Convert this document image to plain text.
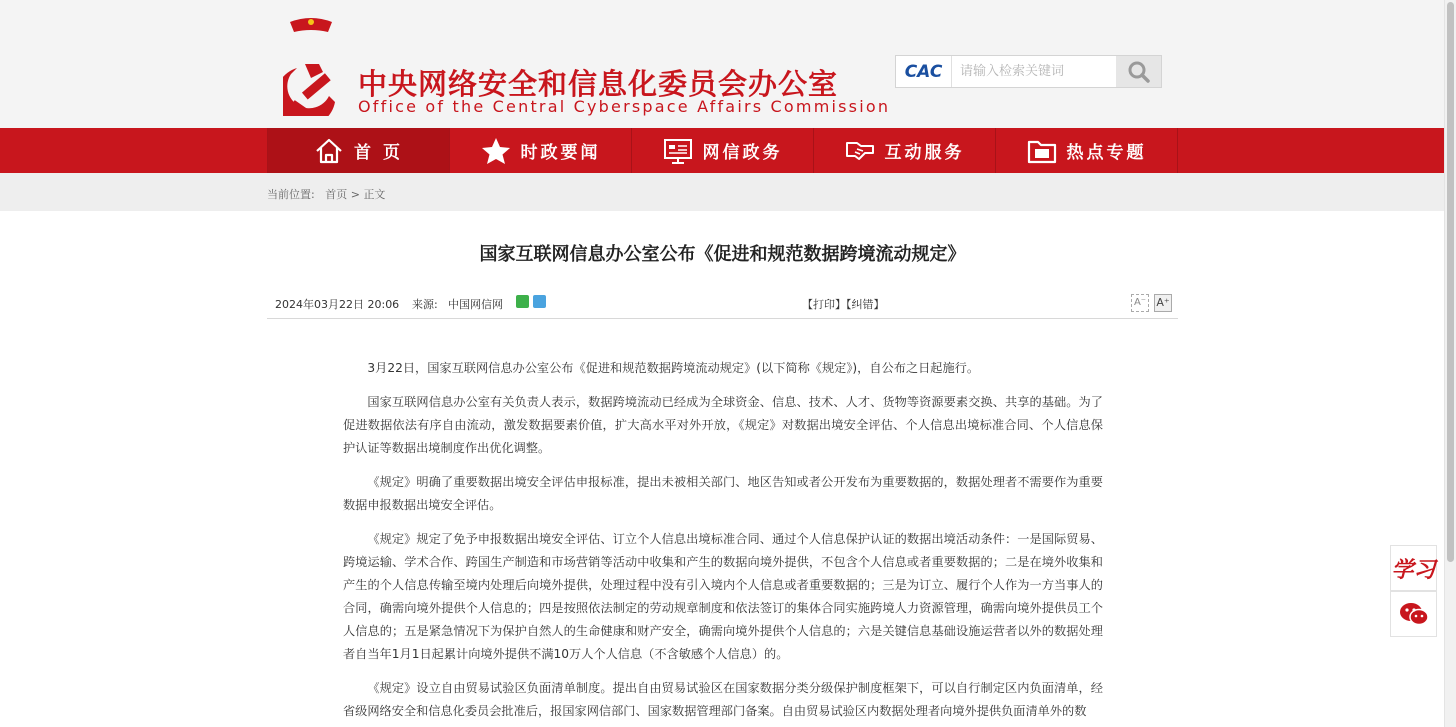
中央网络安全和信息化委员会办公室
Office of the Central Cyberspace Affairs Commission
CAC
请输入检索关键词
首 页	时政要闻	网信政务	互动服务	热点专题
当前位置: 首页 > 正文
国家互联网信息办公室公布《促进和规范数据跨境流动规定》
2024年03月22日 20:06 来源: 中国网信网	【打印】【纠错】	A⁻ A⁺

3月22日，国家互联网信息办公室公布《促进和规范数据跨境流动规定》(以下简称《规定》)，自公布之日起施行。

国家互联网信息办公室有关负责人表示，数据跨境流动已经成为全球资金、信息、技术、人才、货物等资源要素交换、共享的基础。为了促进数据依法有序自由流动，激发数据要素价值，扩大高水平对外开放，《规定》对数据出境安全评估、个人信息出境标准合同、个人信息保护认证等数据出境制度作出优化调整。

《规定》明确了重要数据出境安全评估申报标准，提出未被相关部门、地区告知或者公开发布为重要数据的，数据处理者不需要作为重要数据申报数据出境安全评估。

《规定》规定了免予申报数据出境安全评估、订立个人信息出境标准合同、通过个人信息保护认证的数据出境活动条件：一是国际贸易、跨境运输、学术合作、跨国生产制造和市场营销等活动中收集和产生的数据向境外提供，不包含个人信息或者重要数据的；二是在境外收集和产生的个人信息传输至境内处理后向境外提供，处理过程中没有引入境内个人信息或者重要数据的；三是为订立、履行个人作为一方当事人的合同，确需向境外提供个人信息的；四是按照依法制定的劳动规章制度和依法签订的集体合同实施跨境人力资源管理，确需向境外提供员工个人信息的；五是紧急情况下为保护自然人的生命健康和财产安全，确需向境外提供个人信息的；六是关键信息基础设施运营者以外的数据处理者自当年1月1日起累计向境外提供不满10万人个人信息（不含敏感个人信息）的。

《规定》设立自由贸易试验区负面清单制度。提出自由贸易试验区在国家数据分类分级保护制度框架下，可以自行制定区内负面清单，经省级网络安全和信息化委员会批准后，报国家网信部门、国家数据管理部门备案。自由贸易试验区内数据处理者向境外提供负面清单外的数

学习
